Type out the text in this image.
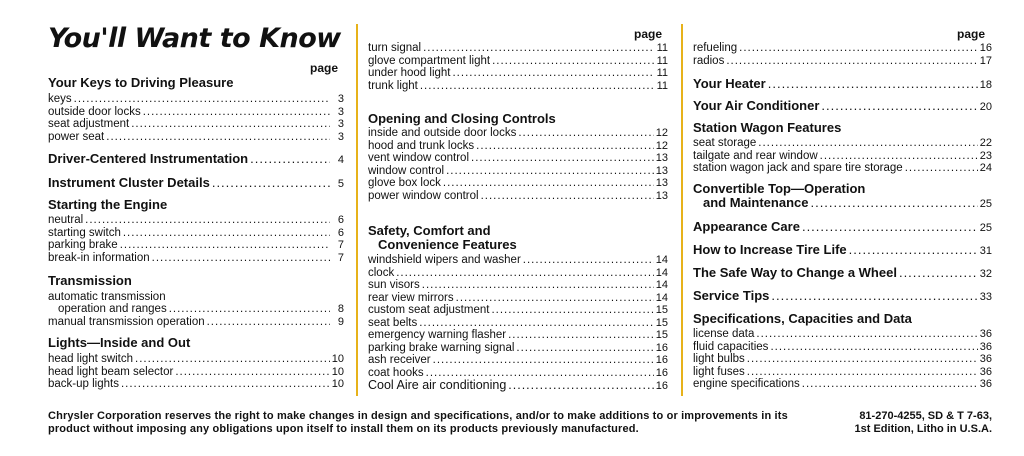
You'll Want to Know
page
Your Keys to Driving Pleasure
keys .....	3
outside door locks .....	3
seat adjustment .....	3
power seat .....	3
Driver-Centered Instrumentation .....	4
Instrument Cluster Details .....	5
Starting the Engine
neutral .....	6
starting switch .....	6
parking brake .....	7
break-in information .....	7
Transmission
automatic transmission
operation and ranges .....	8
manual transmission operation .....	9
Lights—Inside and Out
head light switch .....	10
head light beam selector .....	10
back-up lights .....	10
page
turn signal .....	11
glove compartment light .....	11
under hood light .....	11
trunk light .....	11
Opening and Closing Controls
inside and outside door locks .....	12
hood and trunk locks .....	12
vent window control .....	13
window control .....	13
glove box lock .....	13
power window control .....	13
Safety, Comfort and
Convenience Features
windshield wipers and washer .....	14
clock .....	14
sun visors .....	14
rear view mirrors .....	14
custom seat adjustment .....	15
seat belts .....	15
emergency warning flasher .....	15
parking brake warning signal .....	16
ash receiver .....	16
coat hooks .....	16
Cool Aire air conditioning .....	16
page
refueling .....	16
radios .....	17
Your Heater .....	18
Your Air Conditioner .....	20
Station Wagon Features
seat storage .....	22
tailgate and rear window .....	23
station wagon jack and spare tire storage .....	24
Convertible Top—Operation
and Maintenance .....	25
Appearance Care .....	25
How to Increase Tire Life .....	31
The Safe Way to Change a Wheel .....	32
Service Tips .....	33
Specifications, Capacities and Data
license data .....	36
fluid capacities .....	36
light bulbs .....	36
light fuses .....	36
engine specifications .....	36
Chrysler Corporation reserves the right to make changes in design and specifications, and/or to make additions to or improvements in its product without imposing any obligations upon itself to install them on its products previously manufactured.
81-270-4255, SD & T 7-63,
1st Edition, Litho in U.S.A.
